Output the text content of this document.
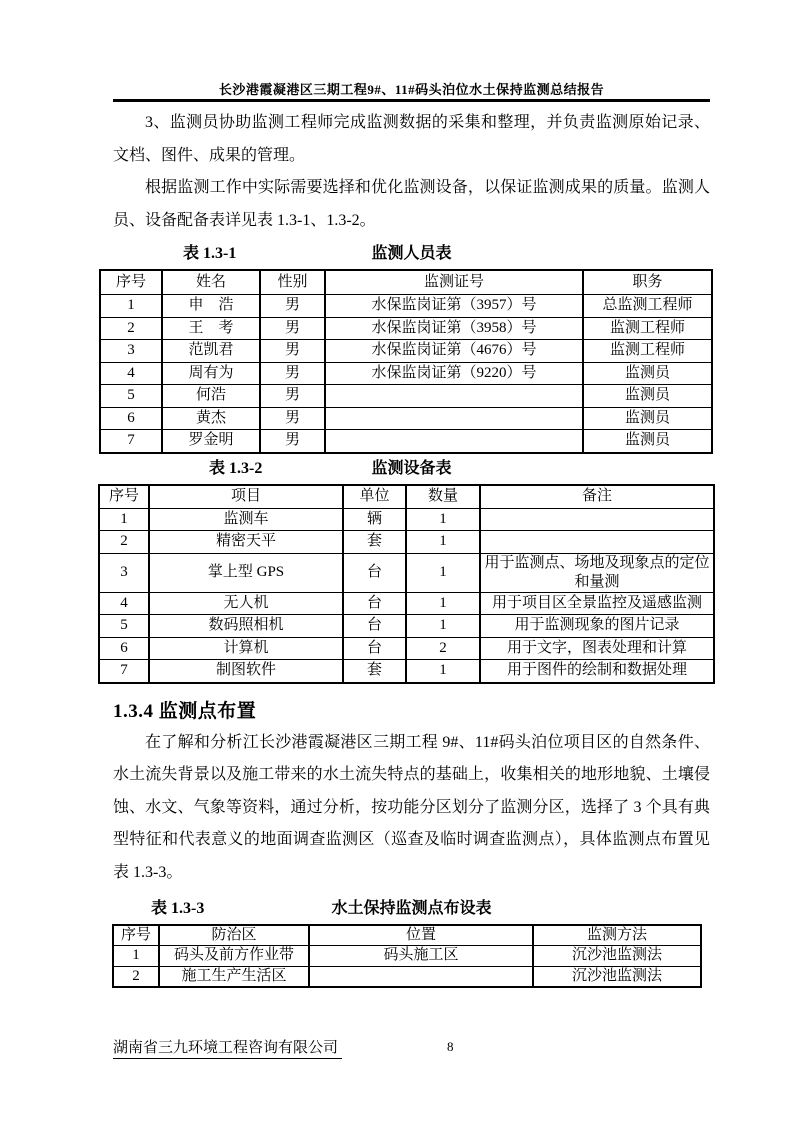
长沙港霞凝港区三期工程9#、11#码头泊位水土保持监测总结报告

3、监测员协助监测工程师完成监测数据的采集和整理，并负责监测原始记录、文档、图件、成果的管理。

根据监测工作中实际需要选择和优化监测设备，以保证监测成果的质量。监测人员、设备配备表详见表 1.3-1、1.3-2。

表 1.3-1	监测人员表
序号	姓名	性别	监测证号	职务
1	申　浩	男	水保监岗证第（3957）号	总监测工程师
2	王　考	男	水保监岗证第（3958）号	监测工程师
3	范凯君	男	水保监岗证第（4676）号	监测工程师
4	周有为	男	水保监岗证第（9220）号	监测员
5	何浩	男		监测员
6	黄杰	男		监测员
7	罗金明	男		监测员
表 1.3-2	监测设备表
序号	项目	单位	数量	备注
1	监测车	辆	1	
2	精密天平	套	1	
3	掌上型 GPS	台	1	用于监测点、场地及现象点的定位和量测
4	无人机	台	1	用于项目区全景监控及遥感监测
5	数码照相机	台	1	用于监测现象的图片记录
6	计算机	台	2	用于文字，图表处理和计算
7	制图软件	套	1	用于图件的绘制和数据处理
1.3.4 监测点布置

在了解和分析江长沙港霞凝港区三期工程 9#、11#码头泊位项目区的自然条件、水土流失背景以及施工带来的水土流失特点的基础上，收集相关的地形地貌、土壤侵蚀、水文、气象等资料，通过分析，按功能分区划分了监测分区，选择了 3 个具有典型特征和代表意义的地面调查监测区（巡查及临时调查监测点），具体监测点布置见表 1.3-3。

表 1.3-3	水土保持监测点布设表
序号	防治区	位置	监测方法
1	码头及前方作业带	码头施工区	沉沙池监测法
2	施工生产生活区		沉沙池监测法
湖南省三九环境工程咨询有限公司	8
